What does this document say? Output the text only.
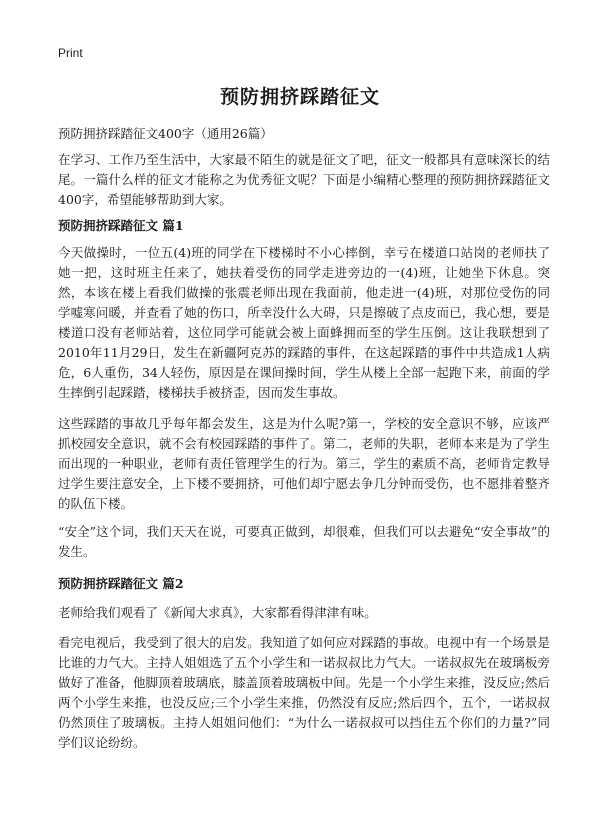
Print
预防拥挤踩踏征文

预防拥挤踩踏征文400字（通用26篇）

在学习、工作乃至生活中，大家最不陌生的就是征文了吧，征文一般都具有意味深长的结尾。一篇什么样的征文才能称之为优秀征文呢？下面是小编精心整理的预防拥挤踩踏征文400字，希望能够帮助到大家。

预防拥挤踩踏征文 篇1

今天做操时，一位五(4)班的同学在下楼梯时不小心摔倒，幸亏在楼道口站岗的老师扶了她一把，这时班主任来了，她扶着受伤的同学走进旁边的一(4)班，让她坐下休息。突然，本该在楼上看我们做操的张震老师出现在我面前，他走进一(4)班，对那位受伤的同学嘘寒问暖，并查看了她的伤口，所幸没什么大碍，只是擦破了点皮而已，我心想，要是楼道口没有老师站着，这位同学可能就会被上面蜂拥而至的学生压倒。这让我联想到了2010年11月29日，发生在新疆阿克苏的踩踏的事件，在这起踩踏的事件中共造成1人病危，6人重伤，34人轻伤，原因是在课间操时间，学生从楼上全部一起跑下来，前面的学生摔倒引起踩踏，楼梯扶手被挤歪，因而发生事故。

这些踩踏的事故几乎每年都会发生，这是为什么呢?第一，学校的安全意识不够，应该严抓校园安全意识，就不会有校园踩踏的事件了。第二，老师的失职，老师本来是为了学生而出现的一种职业，老师有责任管理学生的行为。第三，学生的素质不高，老师肯定教导过学生要注意安全，上下楼不要拥挤，可他们却宁愿去争几分钟而受伤，也不愿排着整齐的队伍下楼。

“安全”这个词，我们天天在说，可要真正做到，却很难，但我们可以去避免“安全事故”的发生。

预防拥挤踩踏征文 篇2

老师给我们观看了《新闻大求真》，大家都看得津津有味。

看完电视后，我受到了很大的启发。我知道了如何应对踩踏的事故。电视中有一个场景是比谁的力气大。主持人姐姐选了五个小学生和一诺叔叔比力气大。一诺叔叔先在玻璃板旁做好了准备，他脚顶着玻璃底，膝盖顶着玻璃板中间。先是一个小学生来推，没反应;然后两个小学生来推，也没反应;三个小学生来推，仍然没有反应;然后四个，五个，一诺叔叔仍然顶住了玻璃板。主持人姐姐问他们：“为什么一诺叔叔可以挡住五个你们的力量?”同学们议论纷纷。
